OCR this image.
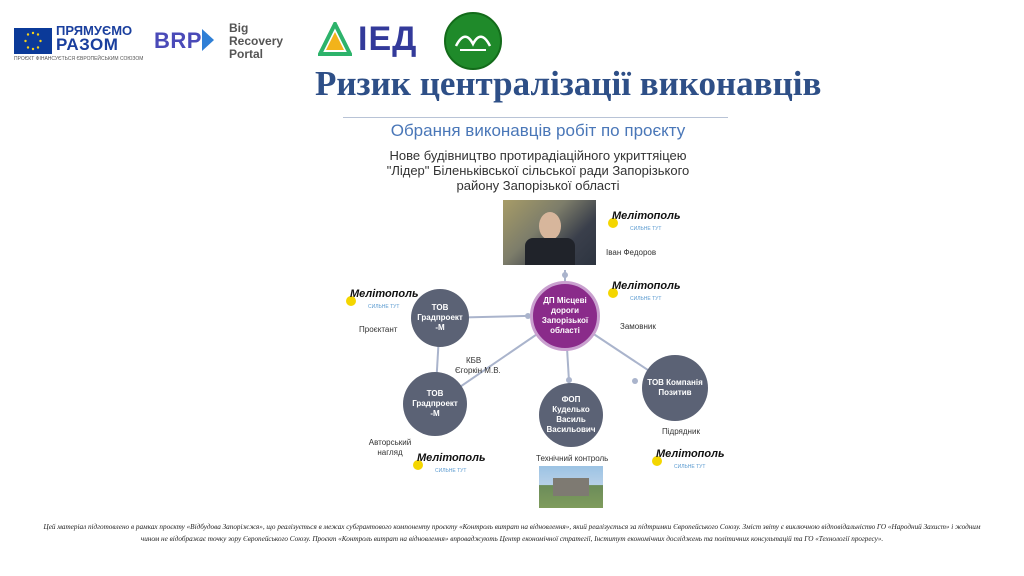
ПРЯМУЄМО
РАЗОМ
ПРОЄКТ ФІНАНСУЄТЬСЯ ЄВРОПЕЙСЬКИМ СОЮЗОМ
BRP	Big
Recovery
Portal	ІЕД
Ризик централізації виконавців
Обрання виконавців робіт по проєкту
Нове будівництво протирадіаційного укриттяіцею
"Лідер" Біленьківської сільської ради Запорізького
району Запорізької області
Мелітополь
СИЛЬНЕ ТУТ
Мелітополь
СИЛЬНЕ ТУТ
Мелітополь
СИЛЬНЕ ТУТ
Мелітополь
СИЛЬНЕ ТУТ
Мелітополь
СИЛЬНЕ ТУТ
ДП Місцеві дороги Запорізької області
ТОВ Градпроект -М
ТОВ Градпроект -М
ТОВ Компанія Позитив
ФОП Куделько Василь Васильович
Іван Федоров
Замовник
Проєктант
КБВ
Єгоркін М.В.
Авторський нагляд
Підрядник
Технічний контроль
Цей матеріал підготовлено в рамках проєкту «Відбудова Запоріжжя», що реалізується в межах субгрантового компоненту проєкту «Контроль витрат на відновлення», який реалізується за підтримки Європейського Союзу. Зміст звіту є виключною відповідальністю ГО «Народний Захист» і жодним чином не відображає точку зору Європейського Союзу. Проєкт «Контроль витрат на відновлення» впроваджують Центр економічної стратегії, Інститут економічних досліджень та політичних консультацій та ГО «Технології прогресу».
